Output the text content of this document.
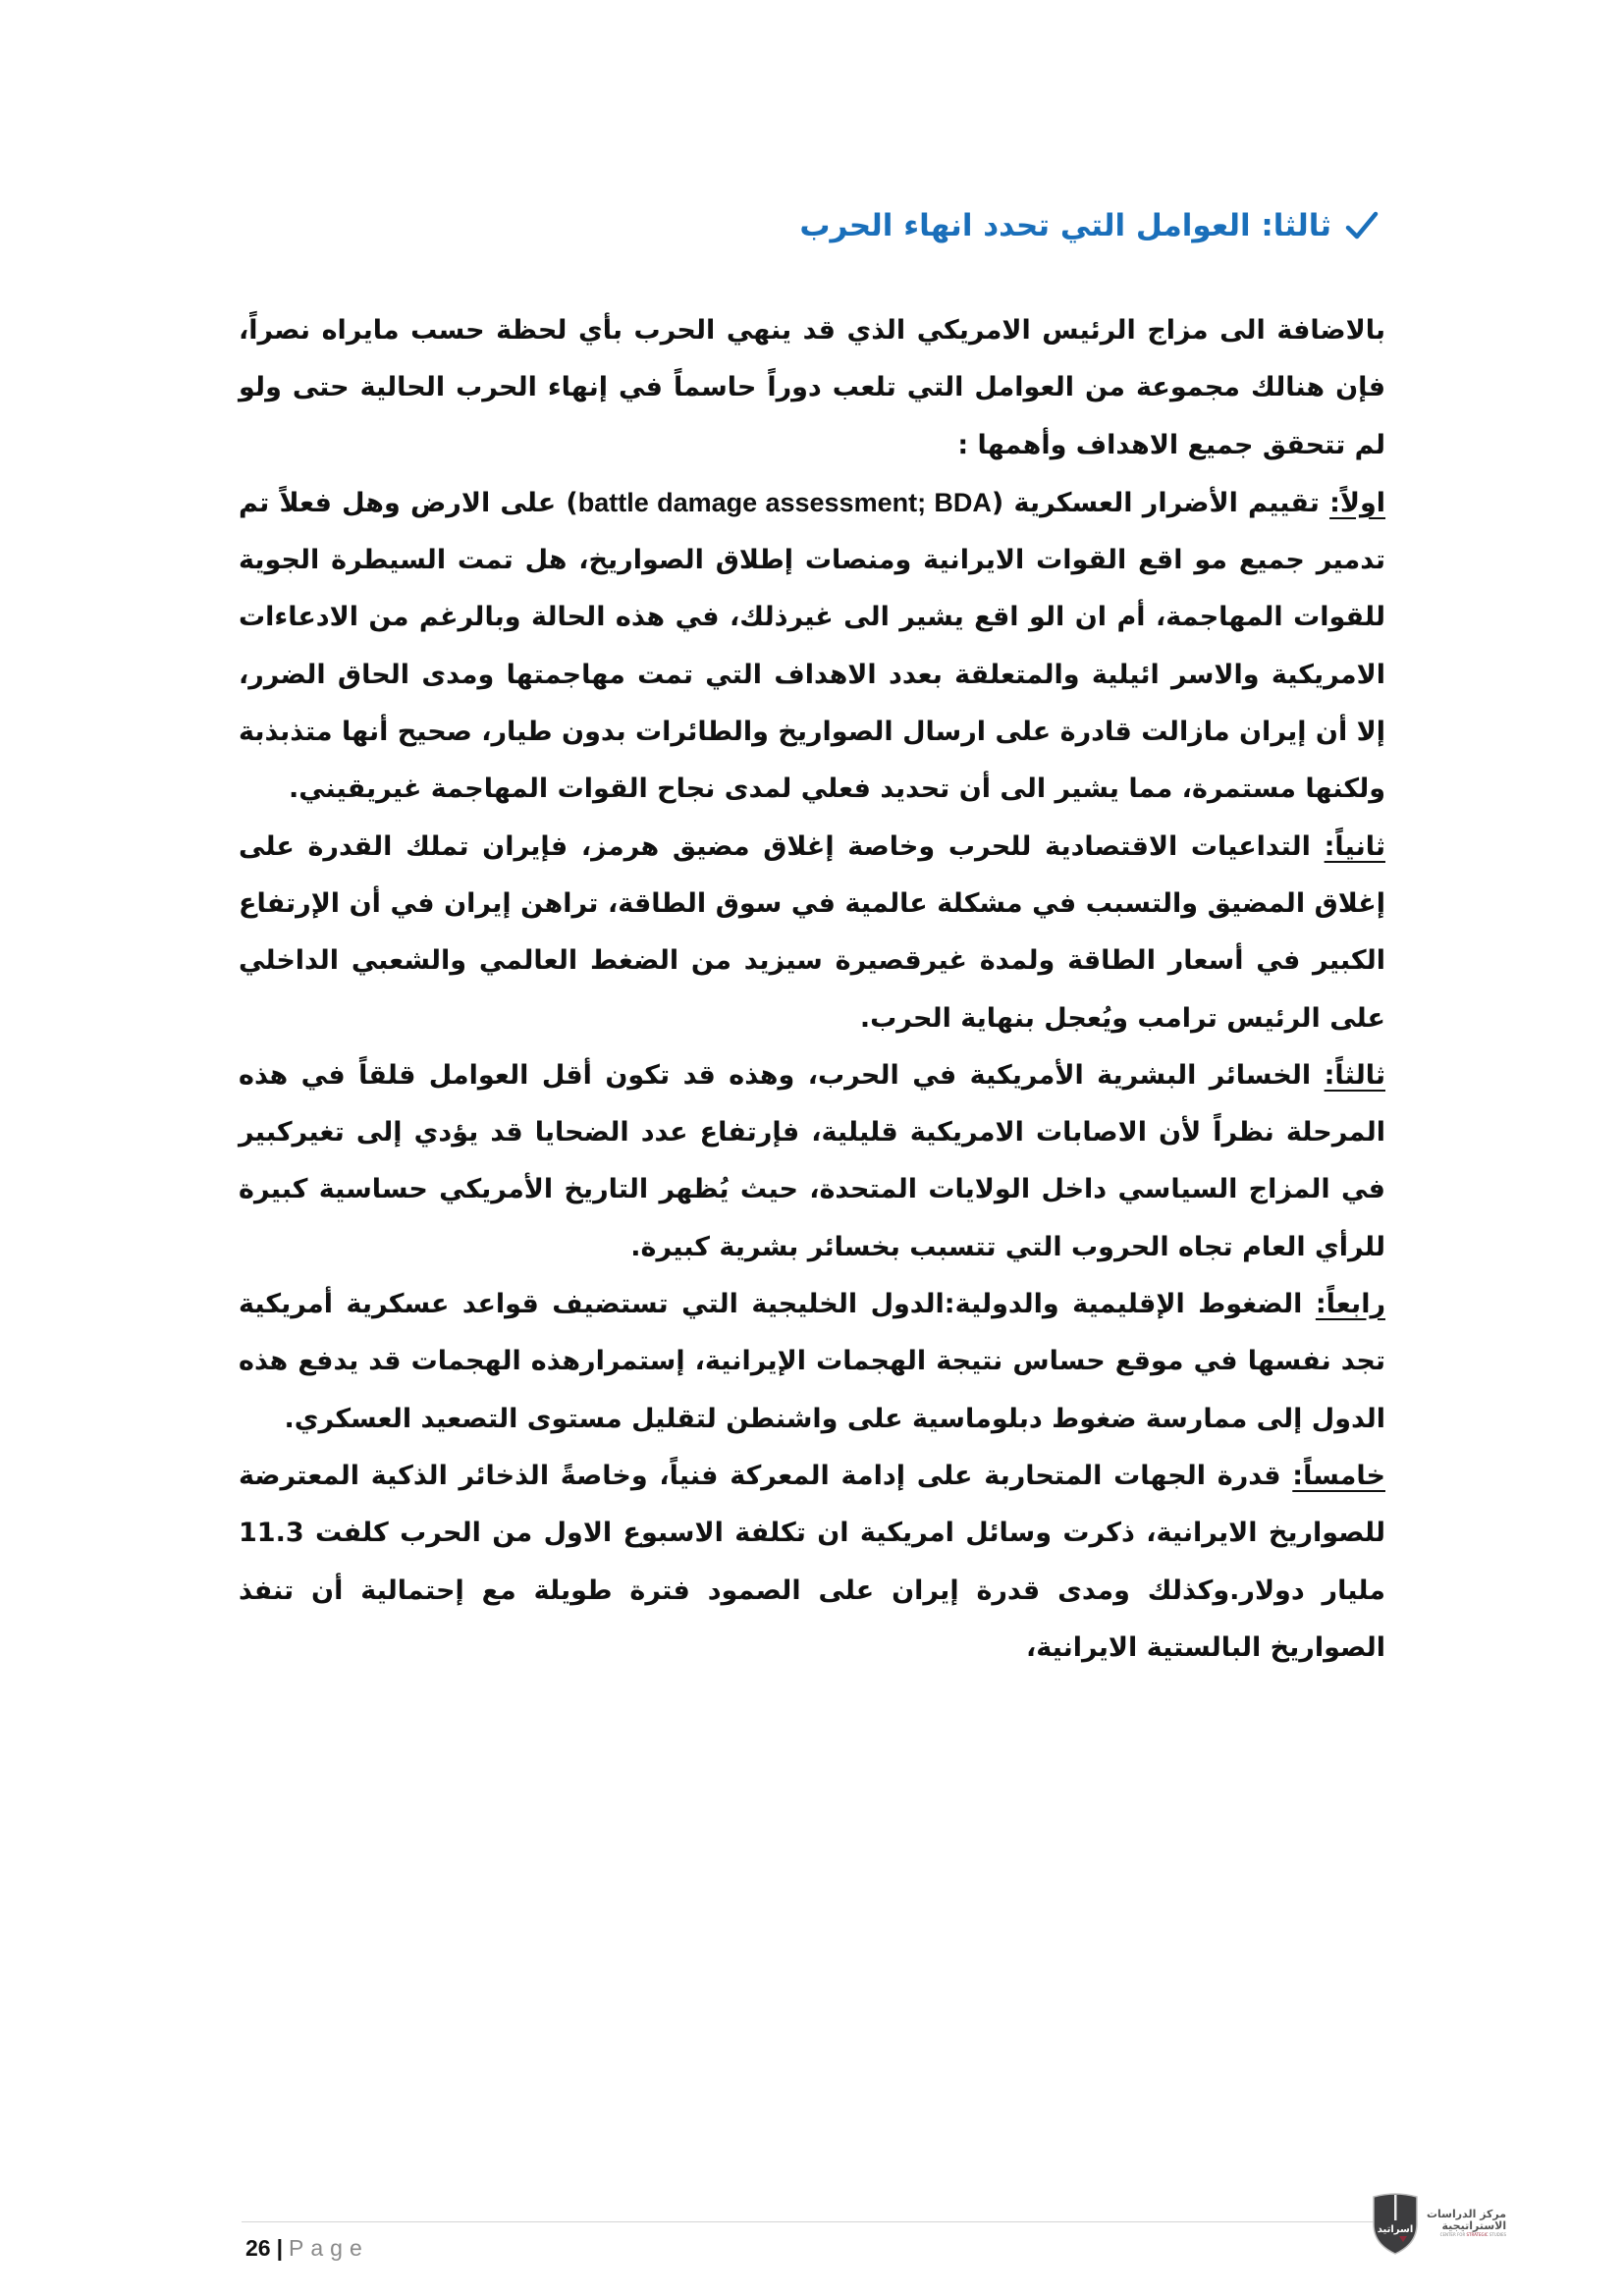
ثالثا: العوامل التي تحدد انهاء الحرب

بالاضافة الى مزاج الرئيس الامريكي الذي قد ينهي الحرب بأي لحظة حسب مايراه نصراً، فإن هنالك مجموعة من العوامل التي تلعب دوراً حاسماً في إنهاء الحرب الحالية حتى ولو لم تتحقق جميع الاهداف وأهمها :

اولاً: تقييم الأضرار العسكرية (battle damage assessment; BDA) على الارض وهل فعلاً تم تدمير جميع مو اقع القوات الايرانية ومنصات إطلاق الصواريخ، هل تمت السيطرة الجوية للقوات المهاجمة، أم ان الو اقع يشير الى غيرذلك، في هذه الحالة وبالرغم من الادعاءات الامريكية والاسر ائيلية والمتعلقة بعدد الاهداف التي تمت مهاجمتها ومدى الحاق الضرر، إلا أن إيران مازالت قادرة على ارسال الصواريخ والطائرات بدون طيار، صحيح أنها متذبذبة ولكنها مستمرة، مما يشير الى أن تحديد فعلي لمدى نجاح القوات المهاجمة غيريقيني.

ثانياً: التداعيات الاقتصادية للحرب وخاصة إغلاق مضيق هرمز، فإيران تملك القدرة على إغلاق المضيق والتسبب في مشكلة عالمية في سوق الطاقة، تراهن إيران في أن الإرتفاع الكبير في أسعار الطاقة ولمدة غيرقصيرة سيزيد من الضغط العالمي والشعبي الداخلي على الرئيس ترامب ويُعجل بنهاية الحرب.

ثالثاً: الخسائر البشرية الأمريكية في الحرب، وهذه قد تكون أقل العوامل قلقاً في هذه المرحلة نظراً لأن الاصابات الامريكية قليلية، فإرتفاع عدد الضحايا قد يؤدي إلى تغيركبير في المزاج السياسي داخل الولايات المتحدة، حيث يُظهر التاريخ الأمريكي حساسية كبيرة للرأي العام تجاه الحروب التي تتسبب بخسائر بشرية كبيرة.

رابعاً: الضغوط الإقليمية والدولية:الدول الخليجية التي تستضيف قواعد عسكرية أمريكية تجد نفسها في موقع حساس نتيجة الهجمات الإيرانية، إستمرارهذه الهجمات قد يدفع هذه الدول إلى ممارسة ضغوط دبلوماسية على واشنطن لتقليل مستوى التصعيد العسكري.

خامساً: قدرة الجهات المتحاربة على إدامة المعركة فنياً، وخاصةً الذخائر الذكية المعترضة للصواريخ الايرانية، ذكرت وسائل امريكية ان تكلفة الاسبوع الاول من الحرب كلفت 11.3 مليار دولار.وكذلك ومدى قدرة إيران على الصمود فترة طويلة مع إحتمالية أن تنفذ الصواريخ البالستية الايرانية،

26 | Page
اسراتيد
مركز الدراسات
الاستراتيجية
CENTER FOR STRATEGIC STUDIES
